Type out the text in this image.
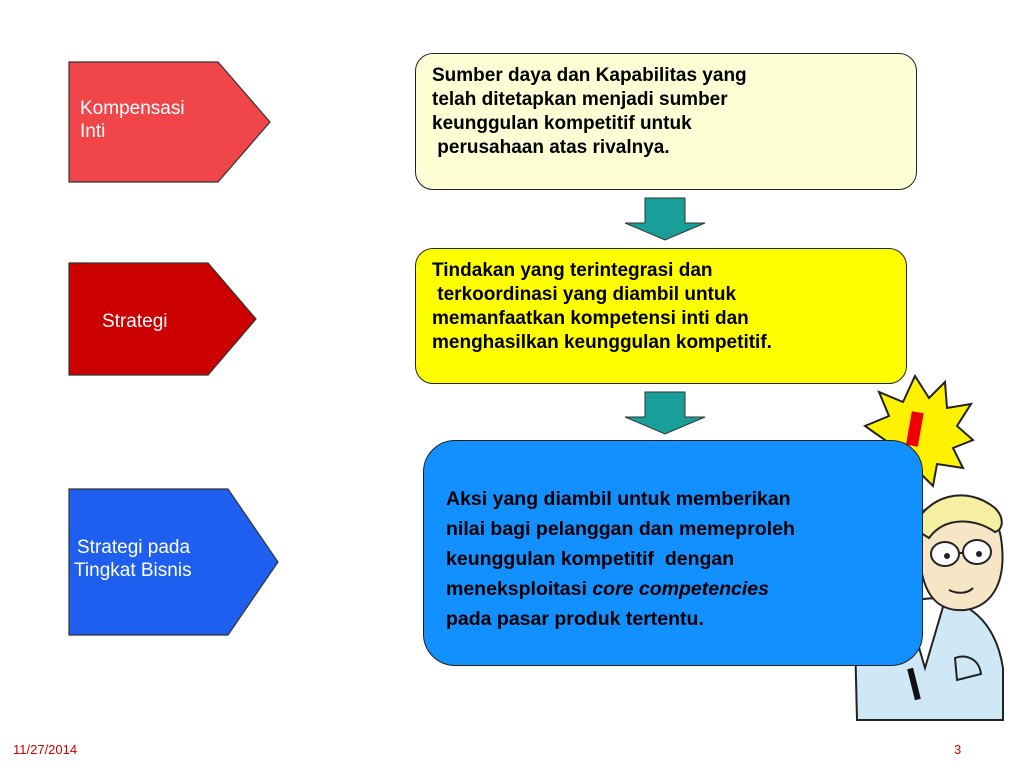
Kompensasi
Inti
Strategi
Strategi pada
Tingkat Bisnis

Sumber daya dan Kapabilitas yang

telah ditetapkan menjadi sumber

keunggulan kompetitif untuk

perusahaan atas rivalnya.

Tindakan yang terintegrasi dan

terkoordinasi yang diambil untuk

memanfaatkan kompetensi inti dan

menghasilkan keunggulan kompetitif.

Aksi yang diambil untuk memberikan

nilai bagi pelanggan dan memeproleh

keunggulan kompetitif  dengan

meneksploitasi core competencies

pada pasar produk tertentu.

11/27/2014	3
